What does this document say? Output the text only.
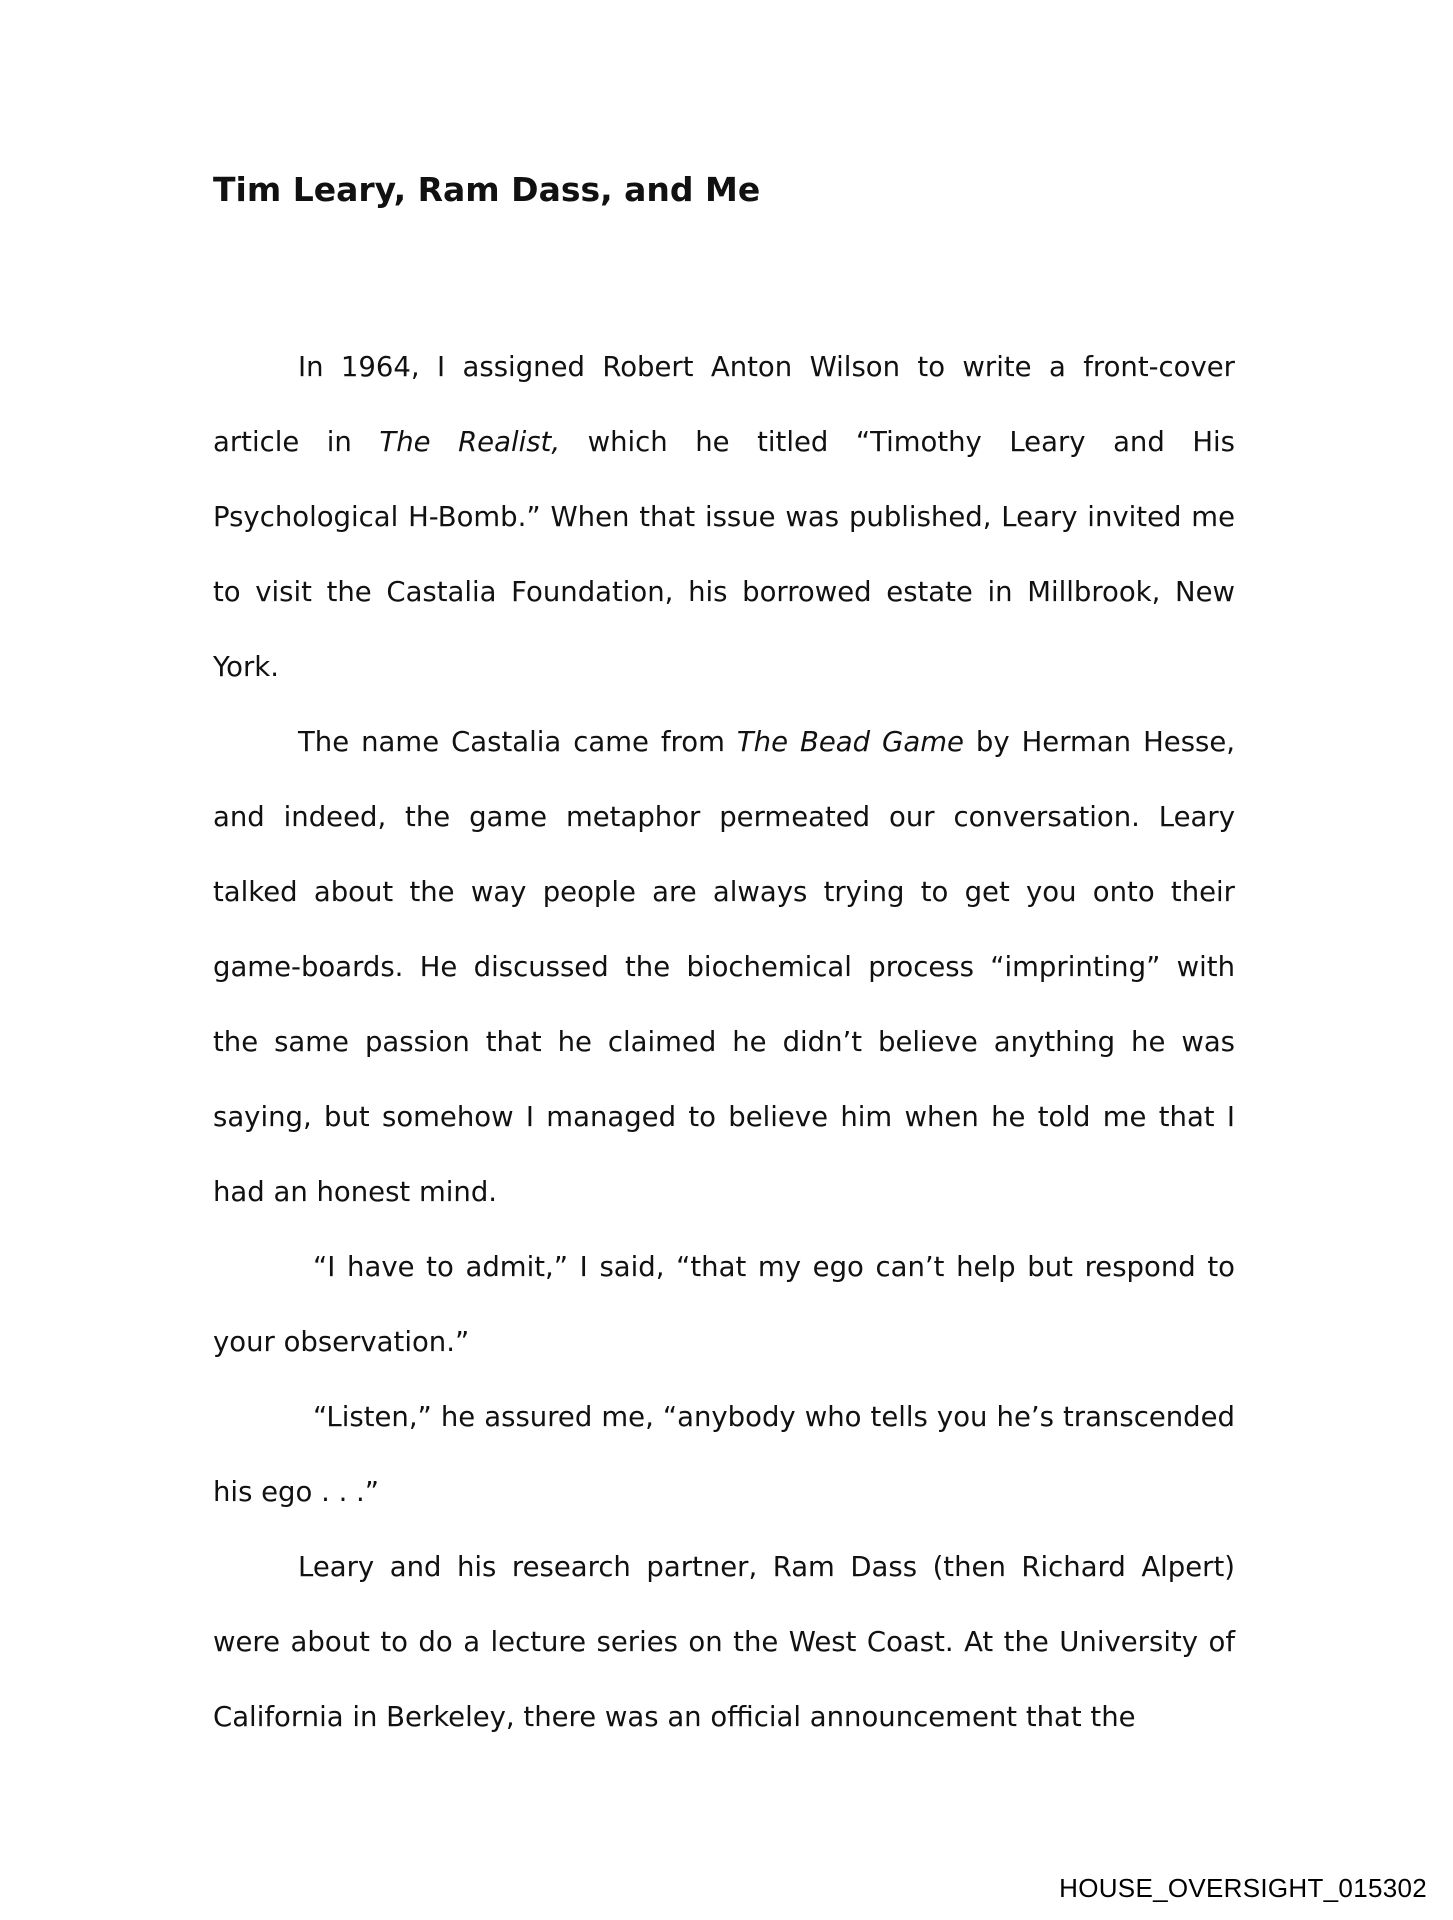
Tim Leary, Ram Dass, and Me

In 1964, I assigned Robert Anton Wilson to write a front-cover article in The Realist, which he titled “Timothy Leary and His Psychological H-Bomb.” When that issue was published, Leary invited me to visit the Castalia Foundation, his borrowed estate in Millbrook, New York.

The name Castalia came from The Bead Game by Herman Hesse, and indeed, the game metaphor permeated our conversation. Leary talked about the way people are always trying to get you onto their game-boards. He discussed the biochemical process “imprinting” with the same passion that he claimed he didn’t believe anything he was saying, but somehow I managed to believe him when he told me that I had an honest mind.

“I have to admit,” I said, “that my ego can’t help but respond to your observation.”

“Listen,” he assured me, “anybody who tells you he’s transcended his ego . . .”

Leary and his research partner, Ram Dass (then Richard Alpert) were about to do a lecture series on the West Coast. At the University of California in Berkeley, there was an official announcement that the

HOUSE_OVERSIGHT_015302
